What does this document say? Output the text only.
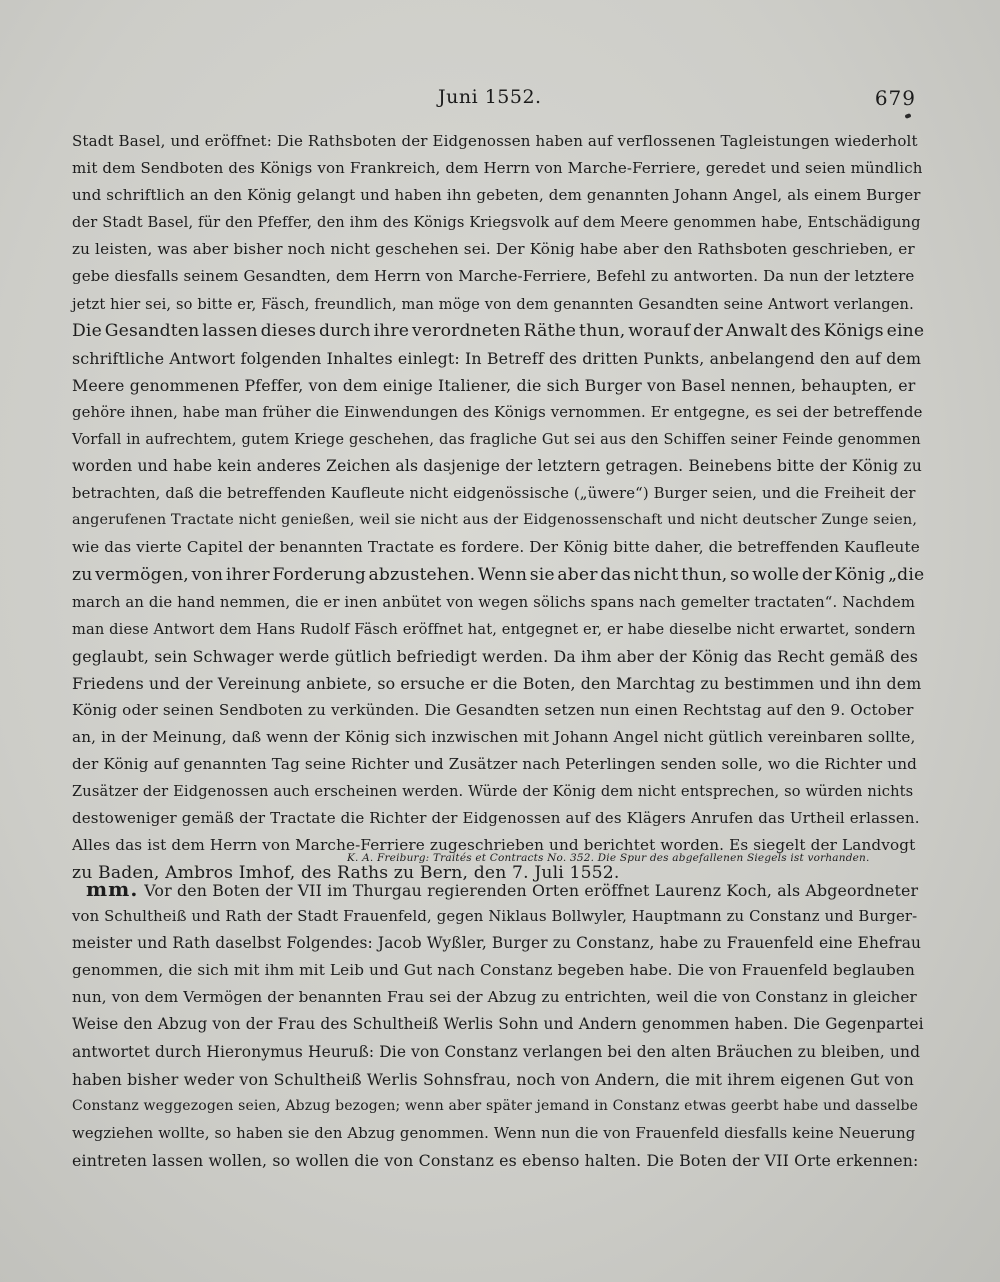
Juni 1552.	679
Stadt Basel, und eröffnet: Die Rathsboten der Eidgenossen haben auf verflossenen Tagleistungen wiederholt
mit dem Sendboten des Königs von Frankreich, dem Herrn von Marche-Ferriere, geredet und seien mündlich
und schriftlich an den König gelangt und haben ihn gebeten, dem genannten Johann Angel, als einem Burger
der Stadt Basel, für den Pfeffer, den ihm des Königs Kriegsvolk auf dem Meere genommen habe, Entschädigung
zu leisten, was aber bisher noch nicht geschehen sei. Der König habe aber den Rathsboten geschrieben, er
gebe diesfalls seinem Gesandten, dem Herrn von Marche-Ferriere, Befehl zu antworten. Da nun der letztere
jetzt hier sei, so bitte er, Fäsch, freundlich, man möge von dem genannten Gesandten seine Antwort verlangen.
Die Gesandten lassen dieses durch ihre verordneten Räthe thun, worauf der Anwalt des Königs eine
schriftliche Antwort folgenden Inhaltes einlegt: In Betreff des dritten Punkts, anbelangend den auf dem
Meere genommenen Pfeffer, von dem einige Italiener, die sich Burger von Basel nennen, behaupten, er
gehöre ihnen, habe man früher die Einwendungen des Königs vernommen. Er entgegne, es sei der betreffende
Vorfall in aufrechtem, gutem Kriege geschehen, das fragliche Gut sei aus den Schiffen seiner Feinde genommen
worden und habe kein anderes Zeichen als dasjenige der letztern getragen. Beinebens bitte der König zu
betrachten, daß die betreffenden Kaufleute nicht eidgenössische („üwere“) Burger seien, und die Freiheit der
angerufenen Tractate nicht genießen, weil sie nicht aus der Eidgenossenschaft und nicht deutscher Zunge seien,
wie das vierte Capitel der benannten Tractate es fordere. Der König bitte daher, die betreffenden Kaufleute
zu vermögen, von ihrer Forderung abzustehen. Wenn sie aber das nicht thun, so wolle der König „die
march an die hand nemmen, die er inen anbütet von wegen sölichs spans nach gemelter tractaten“. Nachdem
man diese Antwort dem Hans Rudolf Fäsch eröffnet hat, entgegnet er, er habe dieselbe nicht erwartet, sondern
geglaubt, sein Schwager werde gütlich befriedigt werden. Da ihm aber der König das Recht gemäß des
Friedens und der Vereinung anbiete, so ersuche er die Boten, den Marchtag zu bestimmen und ihn dem
König oder seinen Sendboten zu verkünden. Die Gesandten setzen nun einen Rechtstag auf den 9. October
an, in der Meinung, daß wenn der König sich inzwischen mit Johann Angel nicht gütlich vereinbaren sollte,
der König auf genannten Tag seine Richter und Zusätzer nach Peterlingen senden solle, wo die Richter und
Zusätzer der Eidgenossen auch erscheinen werden. Würde der König dem nicht entsprechen, so würden nichts
destoweniger gemäß der Tractate die Richter der Eidgenossen auf des Klägers Anrufen das Urtheil erlassen.
Alles das ist dem Herrn von Marche-Ferriere zugeschrieben und berichtet worden. Es siegelt der Landvogt
zu Baden, Ambros Imhof, des Raths zu Bern, den 7. Juli 1552.
K. A. Freiburg: Traités et Contracts No. 352. Die Spur des abgefallenen Siegels ist vorhanden.
mm. Vor den Boten der VII im Thurgau regierenden Orten eröffnet Laurenz Koch, als Abgeordneter
von Schultheiß und Rath der Stadt Frauenfeld, gegen Niklaus Bollwyler, Hauptmann zu Constanz und Burger-
meister und Rath daselbst Folgendes: Jacob Wyßler, Burger zu Constanz, habe zu Frauenfeld eine Ehefrau
genommen, die sich mit ihm mit Leib und Gut nach Constanz begeben habe. Die von Frauenfeld beglauben
nun, von dem Vermögen der benannten Frau sei der Abzug zu entrichten, weil die von Constanz in gleicher
Weise den Abzug von der Frau des Schultheiß Werlis Sohn und Andern genommen haben. Die Gegenpartei
antwortet durch Hieronymus Heuruß: Die von Constanz verlangen bei den alten Bräuchen zu bleiben, und
haben bisher weder von Schultheiß Werlis Sohnsfrau, noch von Andern, die mit ihrem eigenen Gut von
Constanz weggezogen seien, Abzug bezogen; wenn aber später jemand in Constanz etwas geerbt habe und dasselbe
wegziehen wollte, so haben sie den Abzug genommen. Wenn nun die von Frauenfeld diesfalls keine Neuerung
eintreten lassen wollen, so wollen die von Constanz es ebenso halten. Die Boten der VII Orte erkennen:
